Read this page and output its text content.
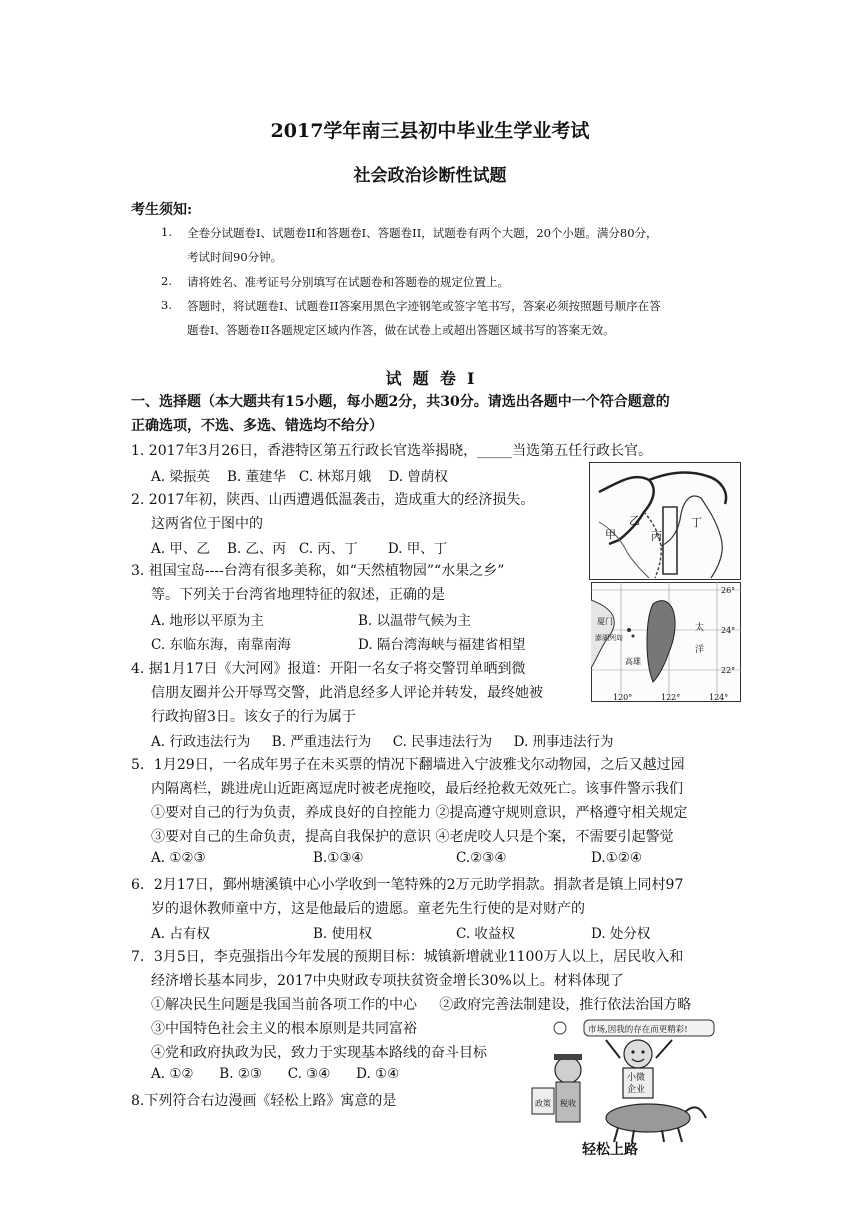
2017学年南三县初中毕业生学业考试
社会政治诊断性试题
考生须知:
1. 全卷分试题卷I、试题卷II和答题卷I、答题卷II，试题卷有两个大题，20个小题。满分80分，
考试时间90分钟。
2. 请将姓名、准考证号分别填写在试题卷和答题卷的规定位置上。
3. 答题时，将试题卷I、试题卷II答案用黑色字迹钢笔或签字笔书写，答案必须按照题号顺序在答
题卷I、答题卷II各题规定区域内作答，做在试卷上或超出答题区域书写的答案无效。
试  题  卷  I
一、选择题（本大题共有15小题，每小题2分，共30分。请选出各题中一个符合题意的
正确选项，不选、多选、错选均不给分）
1. 2017年3月26日，香港特区第五行政长官选举揭晓，_____当选第五任行政长官。
A. 梁振英    B. 董建华   C. 林郑月娥    D. 曾荫权
2. 2017年初，陕西、山西遭遇低温袭击，造成重大的经济损失。
这两省位于图中的
A. 甲、乙    B. 乙、丙   C. 丙、丁       D. 甲、丁
甲
乙
丙
丁
3. 祖国宝岛----台湾有很多美称，如“天然植物园”“水果之乡”
等。下列关于台湾省地理特征的叙述，正确的是
A. 地形以平原为主	B. 以温带气候为主
C. 东临东海，南靠南海	D. 隔台湾海峡与福建省相望
26°
24°
22°
120°	122°	124°
厦门
澎湖列岛
高雄
太
洋
4. 据1月17日《大河网》报道：开阳一名女子将交警罚单晒到微
信朋友圈并公开辱骂交警，此消息经多人评论并转发，最终她被
行政拘留3日。该女子的行为属于
A. 行政违法行为     B. 严重违法行为     C. 民事违法行为     D. 刑事违法行为
5．1月29日，一名成年男子在未买票的情况下翻墙进入宁波雅戈尔动物园，之后又越过园
内隔离栏，跳进虎山近距离逗虎时被老虎拖咬，最后经抢救无效死亡。该事件警示我们
①要对自己的行为负责，养成良好的自控能力 ②提高遵守规则意识，严格遵守相关规定
③要对自己的生命负责，提高自我保护的意识 ④老虎咬人只是个案，不需要引起警觉
A. ①②③	B.①③④	C.②③④	D.①②④
6．2月17日，鄞州塘溪镇中心小学收到一笔特殊的2万元助学捐款。捐款者是镇上同村97
岁的退休教师童中方，这是他最后的遗愿。童老先生行使的是对财产的
A. 占有权	B. 使用权	C. 收益权	D. 处分权
7．3月5日，李克强指出今年发展的预期目标：城镇新增就业1100万人以上，居民收入和
经济增长基本同步，2017中央财政专项扶贫资金增长30%以上。材料体现了
①解决民生问题是我国当前各项工作的中心     ②政府完善法制建设，推行依法治国方略
③中国特色社会主义的根本原则是共同富裕
④党和政府执政为民，致力于实现基本路线的奋斗目标
A. ①②      B. ②③      C. ③④      D. ①④
8.下列符合右边漫画《轻松上路》寓意的是
市场,因我的存在而更精彩!
小微
企业
政策 税收
轻松上路
